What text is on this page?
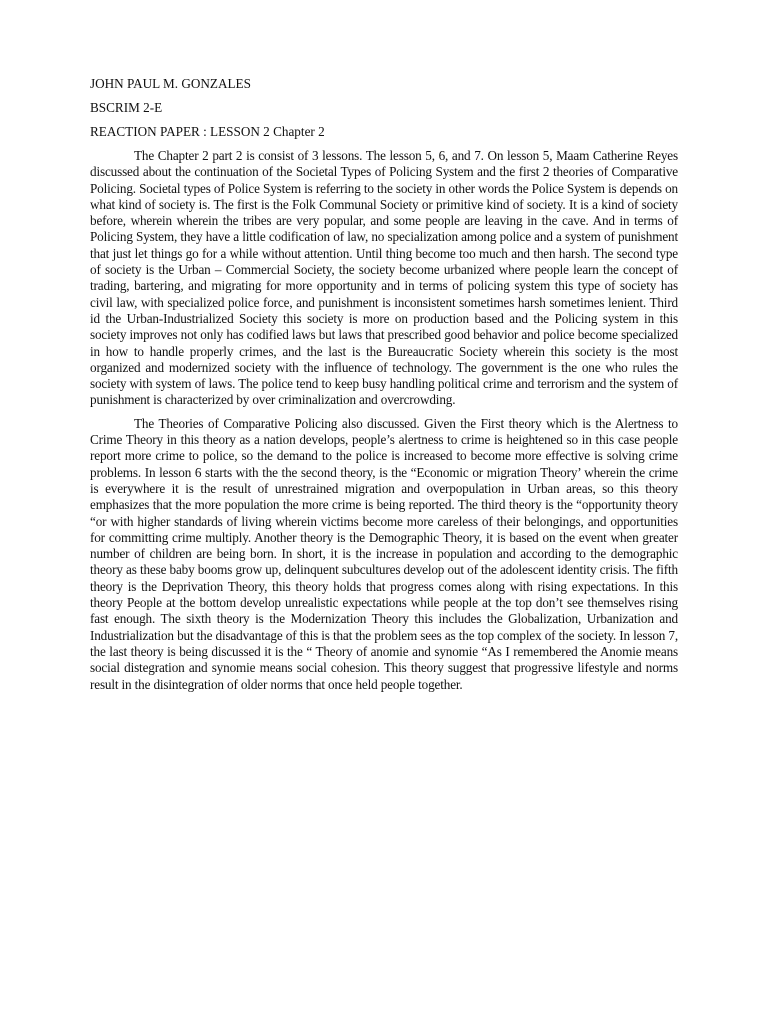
JOHN PAUL M. GONZALES

BSCRIM 2-E

REACTION PAPER : LESSON 2 Chapter 2

The Chapter 2 part 2 is consist of 3 lessons. The lesson 5, 6, and 7. On lesson 5, Maam Catherine Reyes discussed about the continuation of the Societal Types of Policing System and the first 2 theories of Comparative Policing. Societal types of Police System is referring to the society in other words the Police System is depends on what kind of society is. The first is the Folk Communal Society or primitive kind of society. It is a kind of society before, wherein wherein the tribes are very popular, and some people are leaving in the cave. And in terms of Policing System, they have a little codification of law, no specialization among police and a system of punishment that just let things go for a while without attention. Until thing become too much and then harsh. The second type of society is the Urban – Commercial Society, the society become urbanized where people learn the concept of trading, bartering, and migrating for more opportunity and in terms of policing system this type of society has civil law, with specialized police force, and punishment is inconsistent sometimes harsh sometimes lenient. Third id the Urban-Industrialized Society this society is more on production based and the Policing system in this society improves not only has codified laws but laws that prescribed good behavior and police become specialized in how to handle properly crimes, and the last is the Bureaucratic Society wherein this society is the most organized and modernized society with the influence of technology. The government is the one who rules the society with system of laws. The police tend to keep busy handling political crime and terrorism and the system of punishment is characterized by over criminalization and overcrowding.

The Theories of Comparative Policing also discussed. Given the First theory which is the Alertness to Crime Theory in this theory as a nation develops, people’s alertness to crime is heightened so in this case people report more crime to police, so the demand to the police is increased to become more effective is solving crime problems. In lesson 6 starts with the the second theory, is the “Economic or migration Theory’ wherein the crime is everywhere it is the result of unrestrained migration and overpopulation in Urban areas, so this theory emphasizes that the more population the more crime is being reported. The third theory is the “opportunity theory “or with higher standards of living wherein victims become more careless of their belongings, and opportunities for committing crime multiply. Another theory is the Demographic Theory, it is based on the event when greater number of children are being born. In short, it is the increase in population and according to the demographic theory as these baby booms grow up, delinquent subcultures develop out of the adolescent identity crisis. The fifth theory is the Deprivation Theory, this theory holds that progress comes along with rising expectations. In this theory People at the bottom develop unrealistic expectations while people at the top don’t see themselves rising fast enough. The sixth theory is the Modernization Theory this includes the Globalization, Urbanization and Industrialization but the disadvantage of this is that the problem sees as the top complex of the society. In lesson 7, the last theory is being discussed it is the “ Theory of anomie and synomie “As I remembered the Anomie means social distegration and synomie means social cohesion. This theory suggest that progressive lifestyle and norms result in the disintegration of older norms that once held people together.
